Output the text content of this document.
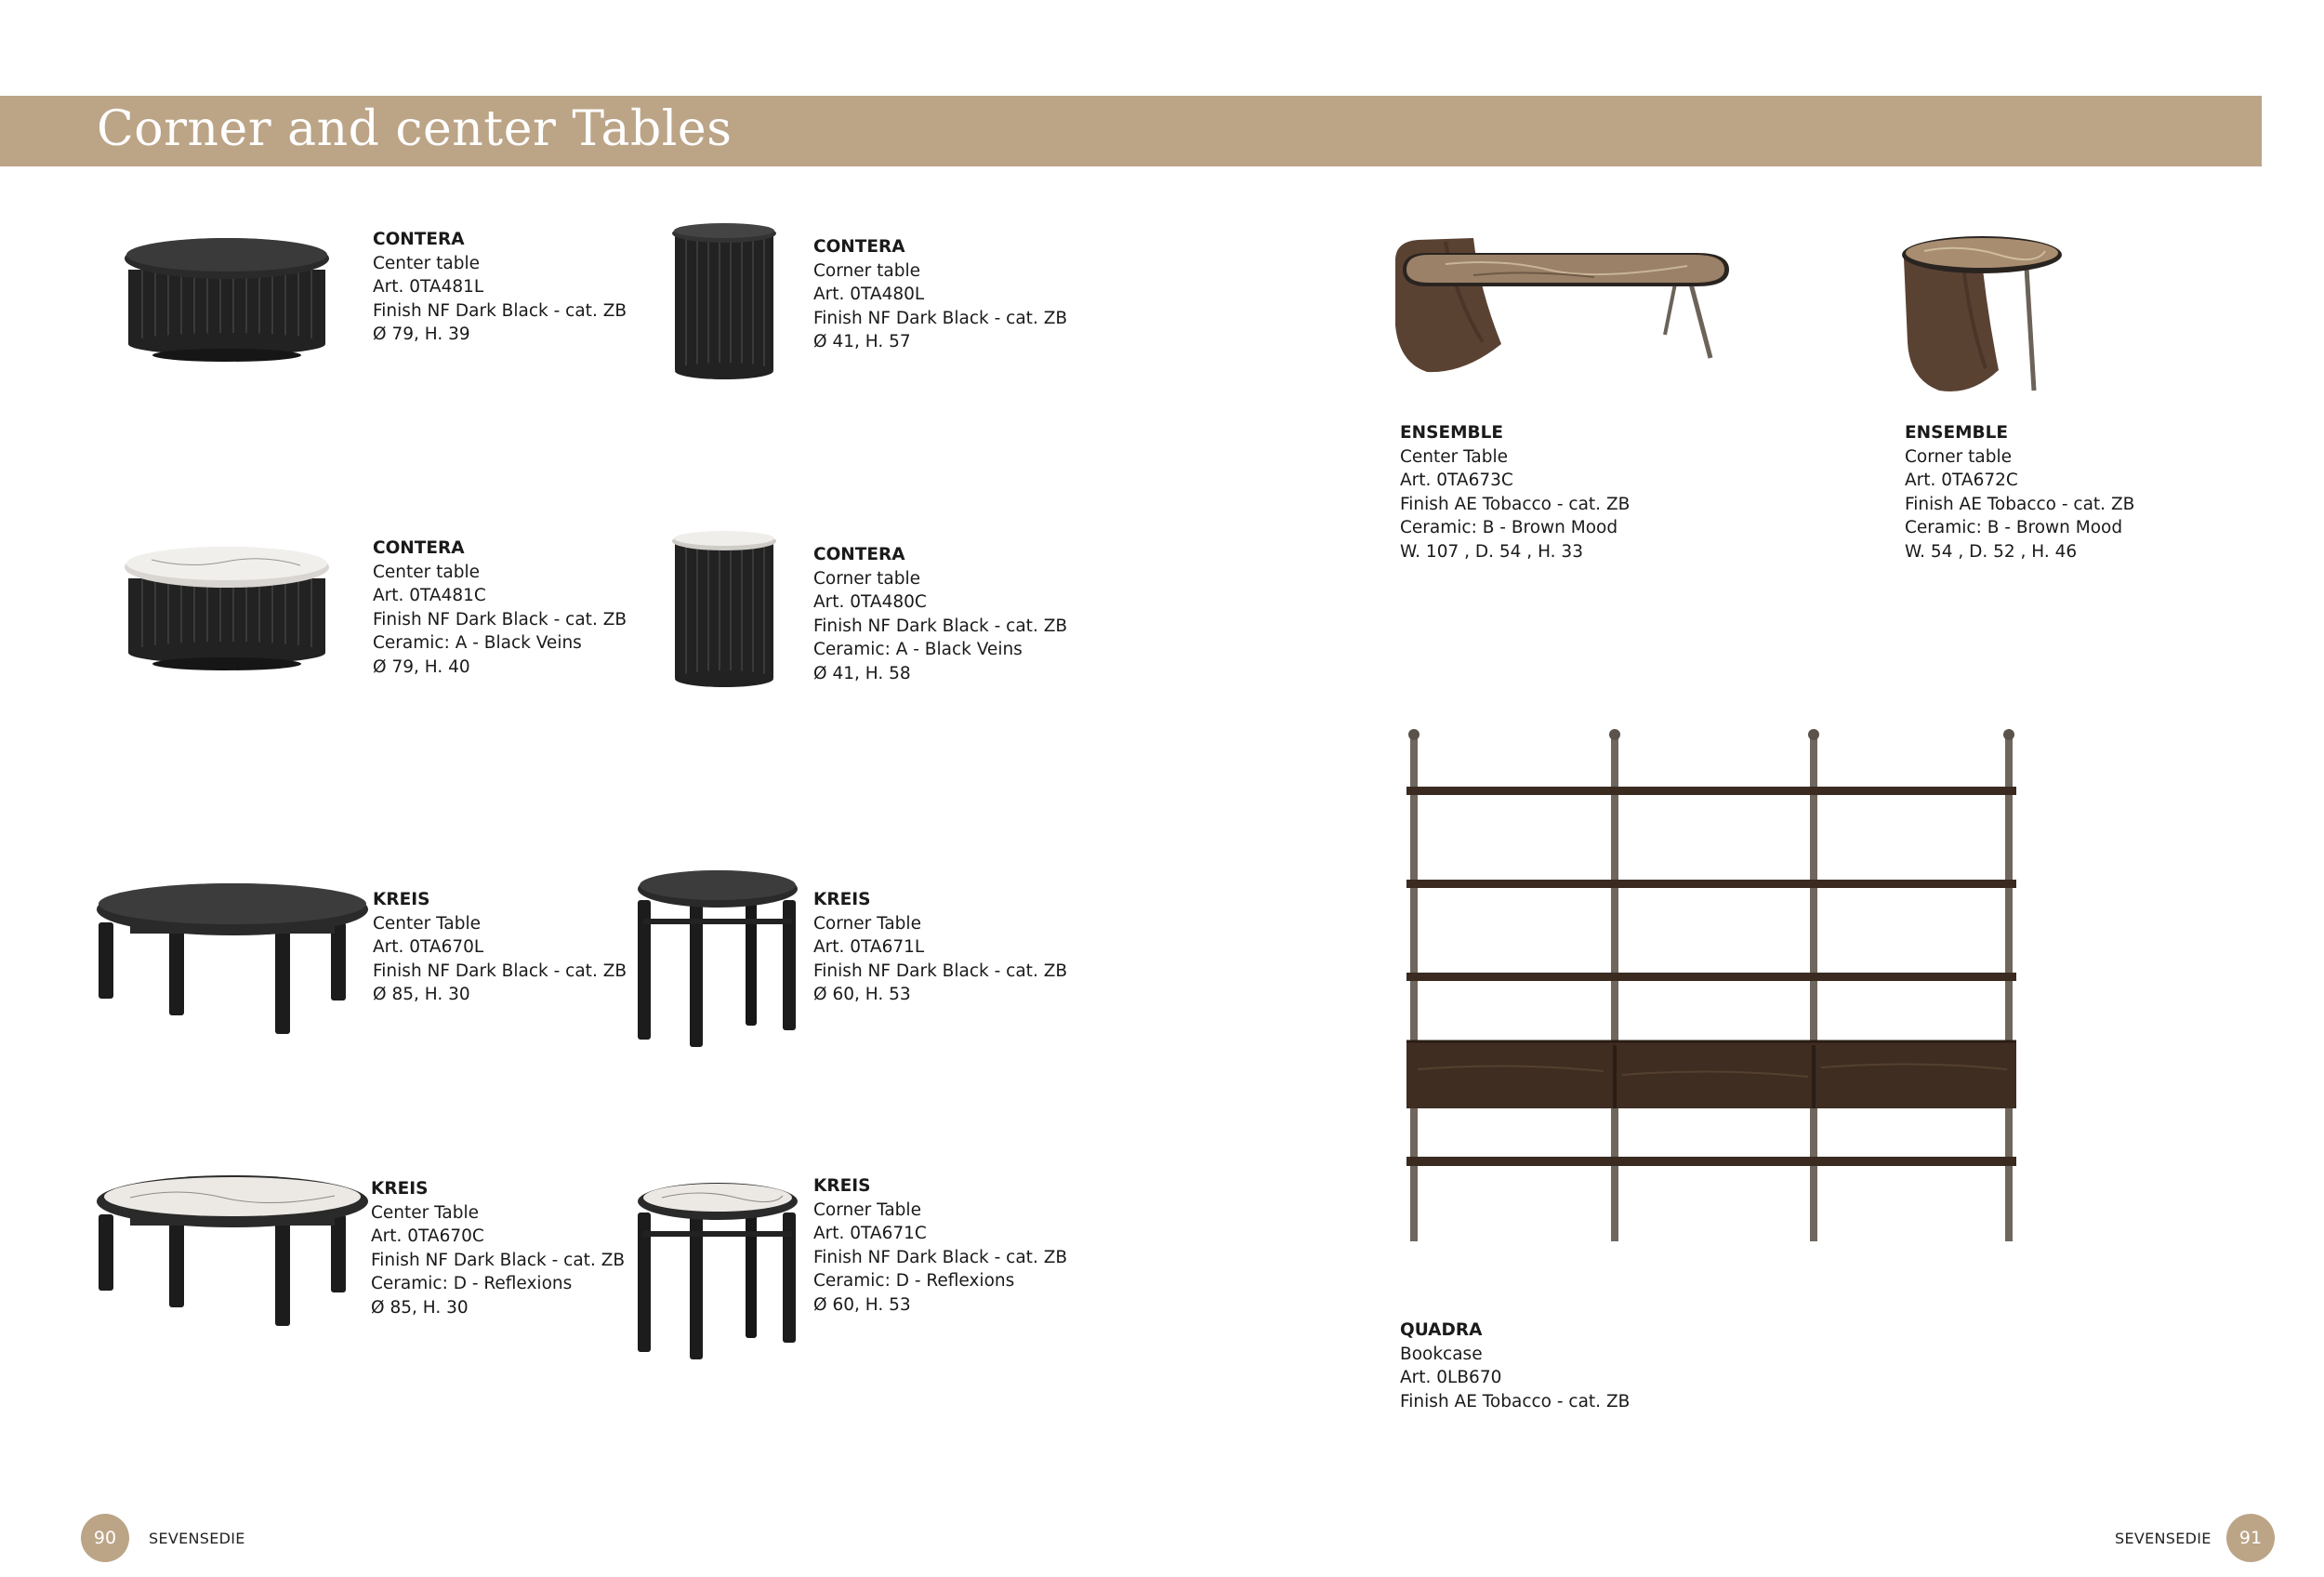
Corner and center Tables
CONTERA
Center table
Art. 0TA481L
Finish NF Dark Black - cat. ZB
Ø 79, H. 39
CONTERA
Corner table
Art. 0TA480L
Finish NF Dark Black - cat. ZB
Ø 41, H. 57
CONTERA
Center table
Art. 0TA481C
Finish NF Dark Black - cat. ZB
Ceramic: A - Black Veins
Ø 79, H. 40
CONTERA
Corner table
Art. 0TA480C
Finish NF Dark Black - cat. ZB
Ceramic: A - Black Veins
Ø 41, H. 58
KREIS
Center Table
Art. 0TA670L
Finish NF Dark Black - cat. ZB
Ø 85, H. 30
KREIS
Corner Table
Art. 0TA671L
Finish NF Dark Black - cat. ZB
Ø 60, H. 53
KREIS
Center Table
Art. 0TA670C
Finish NF Dark Black - cat. ZB
Ceramic: D - Reflexions
Ø 85, H. 30
KREIS
Corner Table
Art. 0TA671C
Finish NF Dark Black - cat. ZB
Ceramic: D - Reflexions
Ø 60, H. 53
ENSEMBLE
Center Table
Art. 0TA673C
Finish AE Tobacco - cat. ZB
Ceramic: B - Brown Mood
W. 107 , D. 54 , H. 33
ENSEMBLE
Corner table
Art. 0TA672C
Finish AE Tobacco - cat. ZB
Ceramic: B - Brown Mood
W. 54 , D. 52 , H. 46
QUADRA
Bookcase
Art. 0LB670
Finish AE Tobacco - cat. ZB
90	SEVENSEDIE	SEVENSEDIE	91
